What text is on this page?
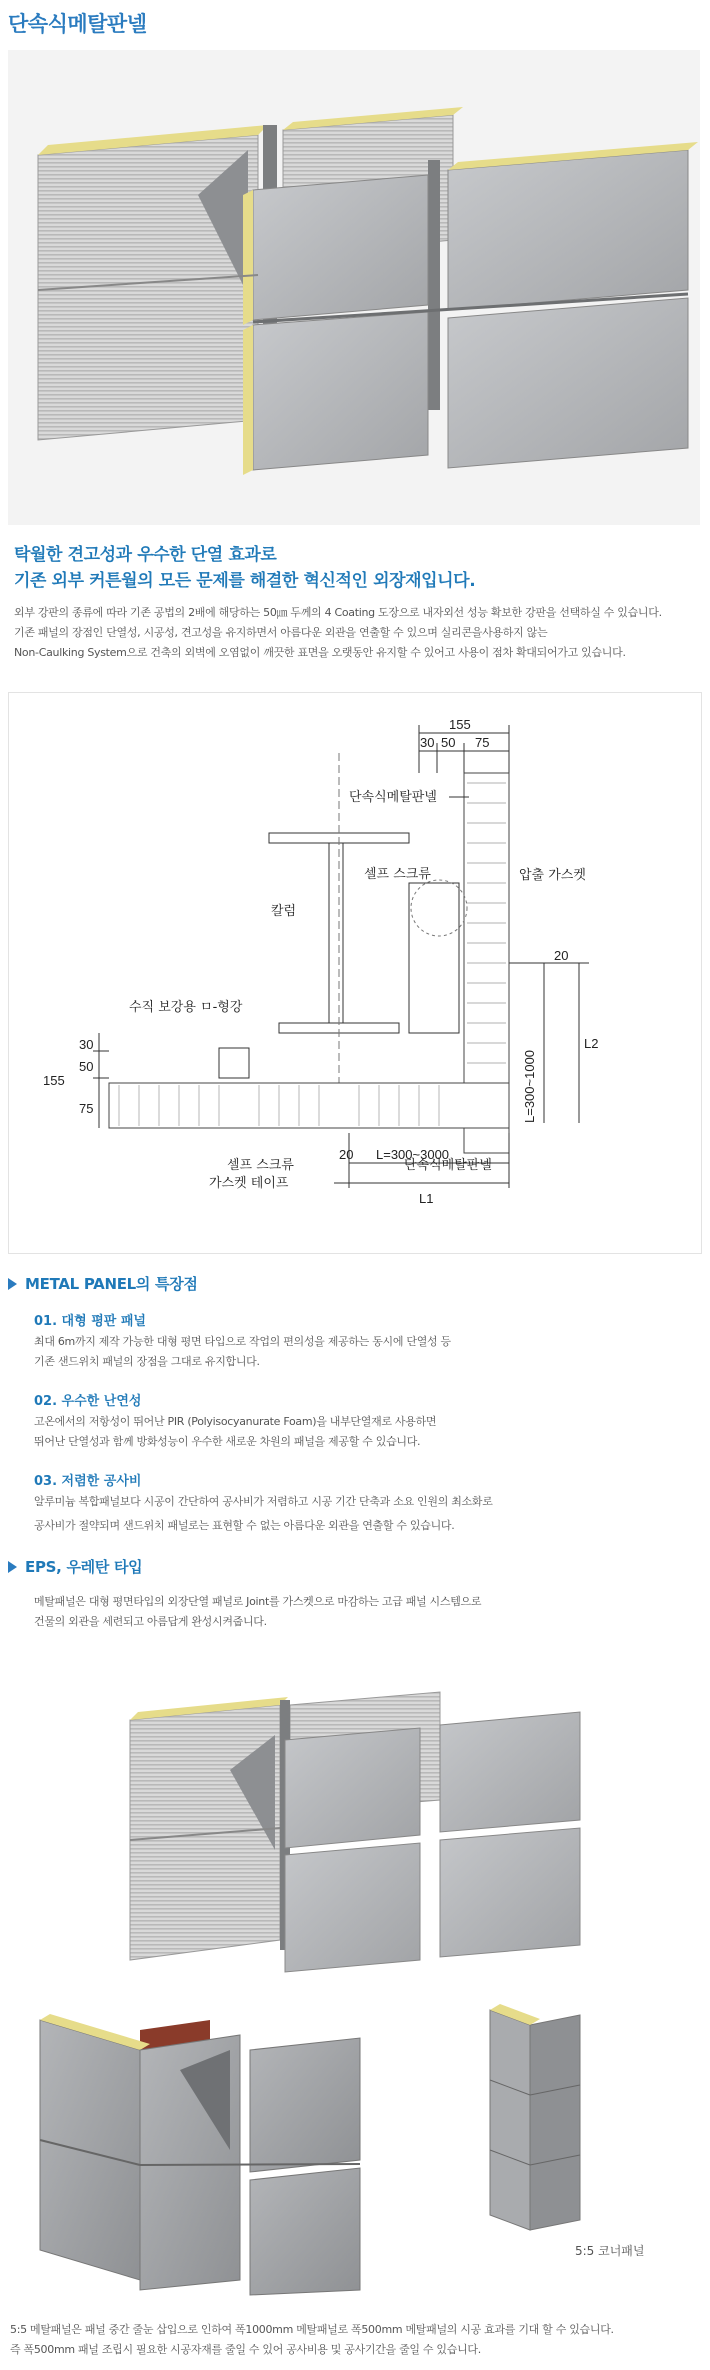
단속식메탈판넬
탁월한 견고성과 우수한 단열 효과로
기존 외부 커튼월의 모든 문제를 해결한 혁신적인 외장재입니다.
외부 강판의 종류에 따라 기존 공법의 2배에 해당하는 50㎛ 두께의 4 Coating 도장으로 내자외선 성능 확보한 강판을 선택하실 수 있습니다.
기존 패널의 장점인 단열성, 시공성, 견고성을 유지하면서 아름다운 외관을 연출할 수 있으며 실리콘을사용하지 않는
Non-Caulking System으로 건축의 외벽에 오염없이 깨끗한 표면을 오랫동안 유지할 수 있어고 사용이 점차 확대되어가고 있습니다.
155
30 50 75
30
50
155
75
20
L=300~1000
L2
20 L=300~3000
L1
단속식메탈판넬
셀프 스크류	압출 가스켓
칼럼
수직 보강용 ㅁ-형강
셀프 스크류
가스켓 테이프
단속식메탈판넬
METAL PANEL의 특장점
01. 대형 평판 패널
최대 6m까지 제작 가능한 대형 평면 타입으로 작업의 편의성을 제공하는 동시에 단열성 등
기존 샌드위치 패널의 장점을 그대로 유지합니다.
02. 우수한 난연성
고온에서의 저항성이 뛰어난 PIR (Polyisocyanurate Foam)을 내부단열재로 사용하면
뛰어난 단열성과 함께 방화성능이 우수한 새로운 차원의 패널을 제공할 수 있습니다.
03. 저렴한 공사비
알루미늄 복합패널보다 시공이 간단하여 공사비가 저렴하고 시공 기간 단축과 소요 인원의 최소화로
공사비가 절약되며 샌드위치 패널로는 표현할 수 없는 아름다운 외관을 연출할 수 있습니다.
EPS, 우레탄 타입
메탈패널은 대형 평면타입의 외장단열 패널로 Joint를 가스켓으로 마감하는 고급 패널 시스템으로
건물의 외관을 세련되고 아름답게 완성시켜줍니다.
5:5 코너패널
5:5 메탈패널은 패널 중간 줄눈 삽입으로 인하여 폭1000mm 메탈패널로 폭500mm 메탈패널의 시공 효과를 기대 할 수 있습니다.
즉 폭500mm 패널 조립시 필요한 시공자재를 줄일 수 있어 공사비용 및 공사기간을 줄일 수 있습니다.
